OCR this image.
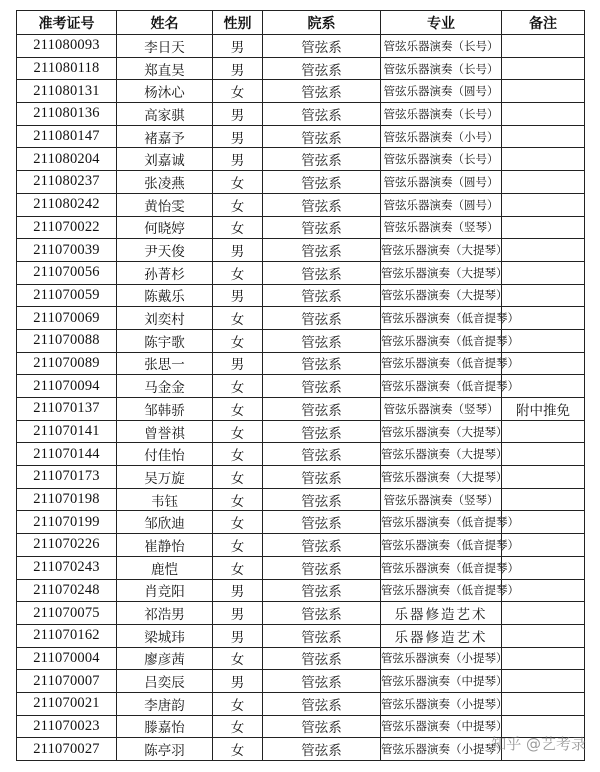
准考证号	姓名	性别	院系	专业	备注
211080093	李日天	男	管弦系	管弦乐器演奏（长号）	
211080118	郑直昊	男	管弦系	管弦乐器演奏（长号）	
211080131	杨沐心	女	管弦系	管弦乐器演奏（圆号）	
211080136	高家骐	男	管弦系	管弦乐器演奏（长号）	
211080147	褚嘉予	男	管弦系	管弦乐器演奏（小号）	
211080204	刘嘉诚	男	管弦系	管弦乐器演奏（长号）	
211080237	张凌燕	女	管弦系	管弦乐器演奏（圆号）	
211080242	黄怡雯	女	管弦系	管弦乐器演奏（圆号）	
211070022	何晓婷	女	管弦系	管弦乐器演奏（竖琴）	
211070039	尹天俊	男	管弦系	管弦乐器演奏（大提琴）	
211070056	孙菁杉	女	管弦系	管弦乐器演奏（大提琴）	
211070059	陈戴乐	男	管弦系	管弦乐器演奏（大提琴）	
211070069	刘奕村	女	管弦系	管弦乐器演奏（低音提琴）	
211070088	陈宇歌	女	管弦系	管弦乐器演奏（低音提琴）	
211070089	张思一	男	管弦系	管弦乐器演奏（低音提琴）	
211070094	马金金	女	管弦系	管弦乐器演奏（低音提琴）	
211070137	邹韩骄	女	管弦系	管弦乐器演奏（竖琴）	附中推免
211070141	曾誉祺	女	管弦系	管弦乐器演奏（大提琴）	
211070144	付佳怡	女	管弦系	管弦乐器演奏（大提琴）	
211070173	吴万旋	女	管弦系	管弦乐器演奏（大提琴）	
211070198	韦钰	女	管弦系	管弦乐器演奏（竖琴）	
211070199	邹欣迪	女	管弦系	管弦乐器演奏（低音提琴）	
211070226	崔静怡	女	管弦系	管弦乐器演奏（低音提琴）	
211070243	鹿恺	女	管弦系	管弦乐器演奏（低音提琴）	
211070248	肖竞阳	男	管弦系	管弦乐器演奏（低音提琴）	
211070075	祁浩男	男	管弦系	乐器修造艺术	
211070162	梁城玮	男	管弦系	乐器修造艺术	
211070004	廖彦茜	女	管弦系	管弦乐器演奏（小提琴）	
211070007	吕奕辰	男	管弦系	管弦乐器演奏（中提琴）	
211070021	李唐韵	女	管弦系	管弦乐器演奏（小提琴）	
211070023	滕嘉怡	女	管弦系	管弦乐器演奏（中提琴）	
211070027	陈亭羽	女	管弦系	管弦乐器演奏（小提琴）	
知乎 @艺考录
